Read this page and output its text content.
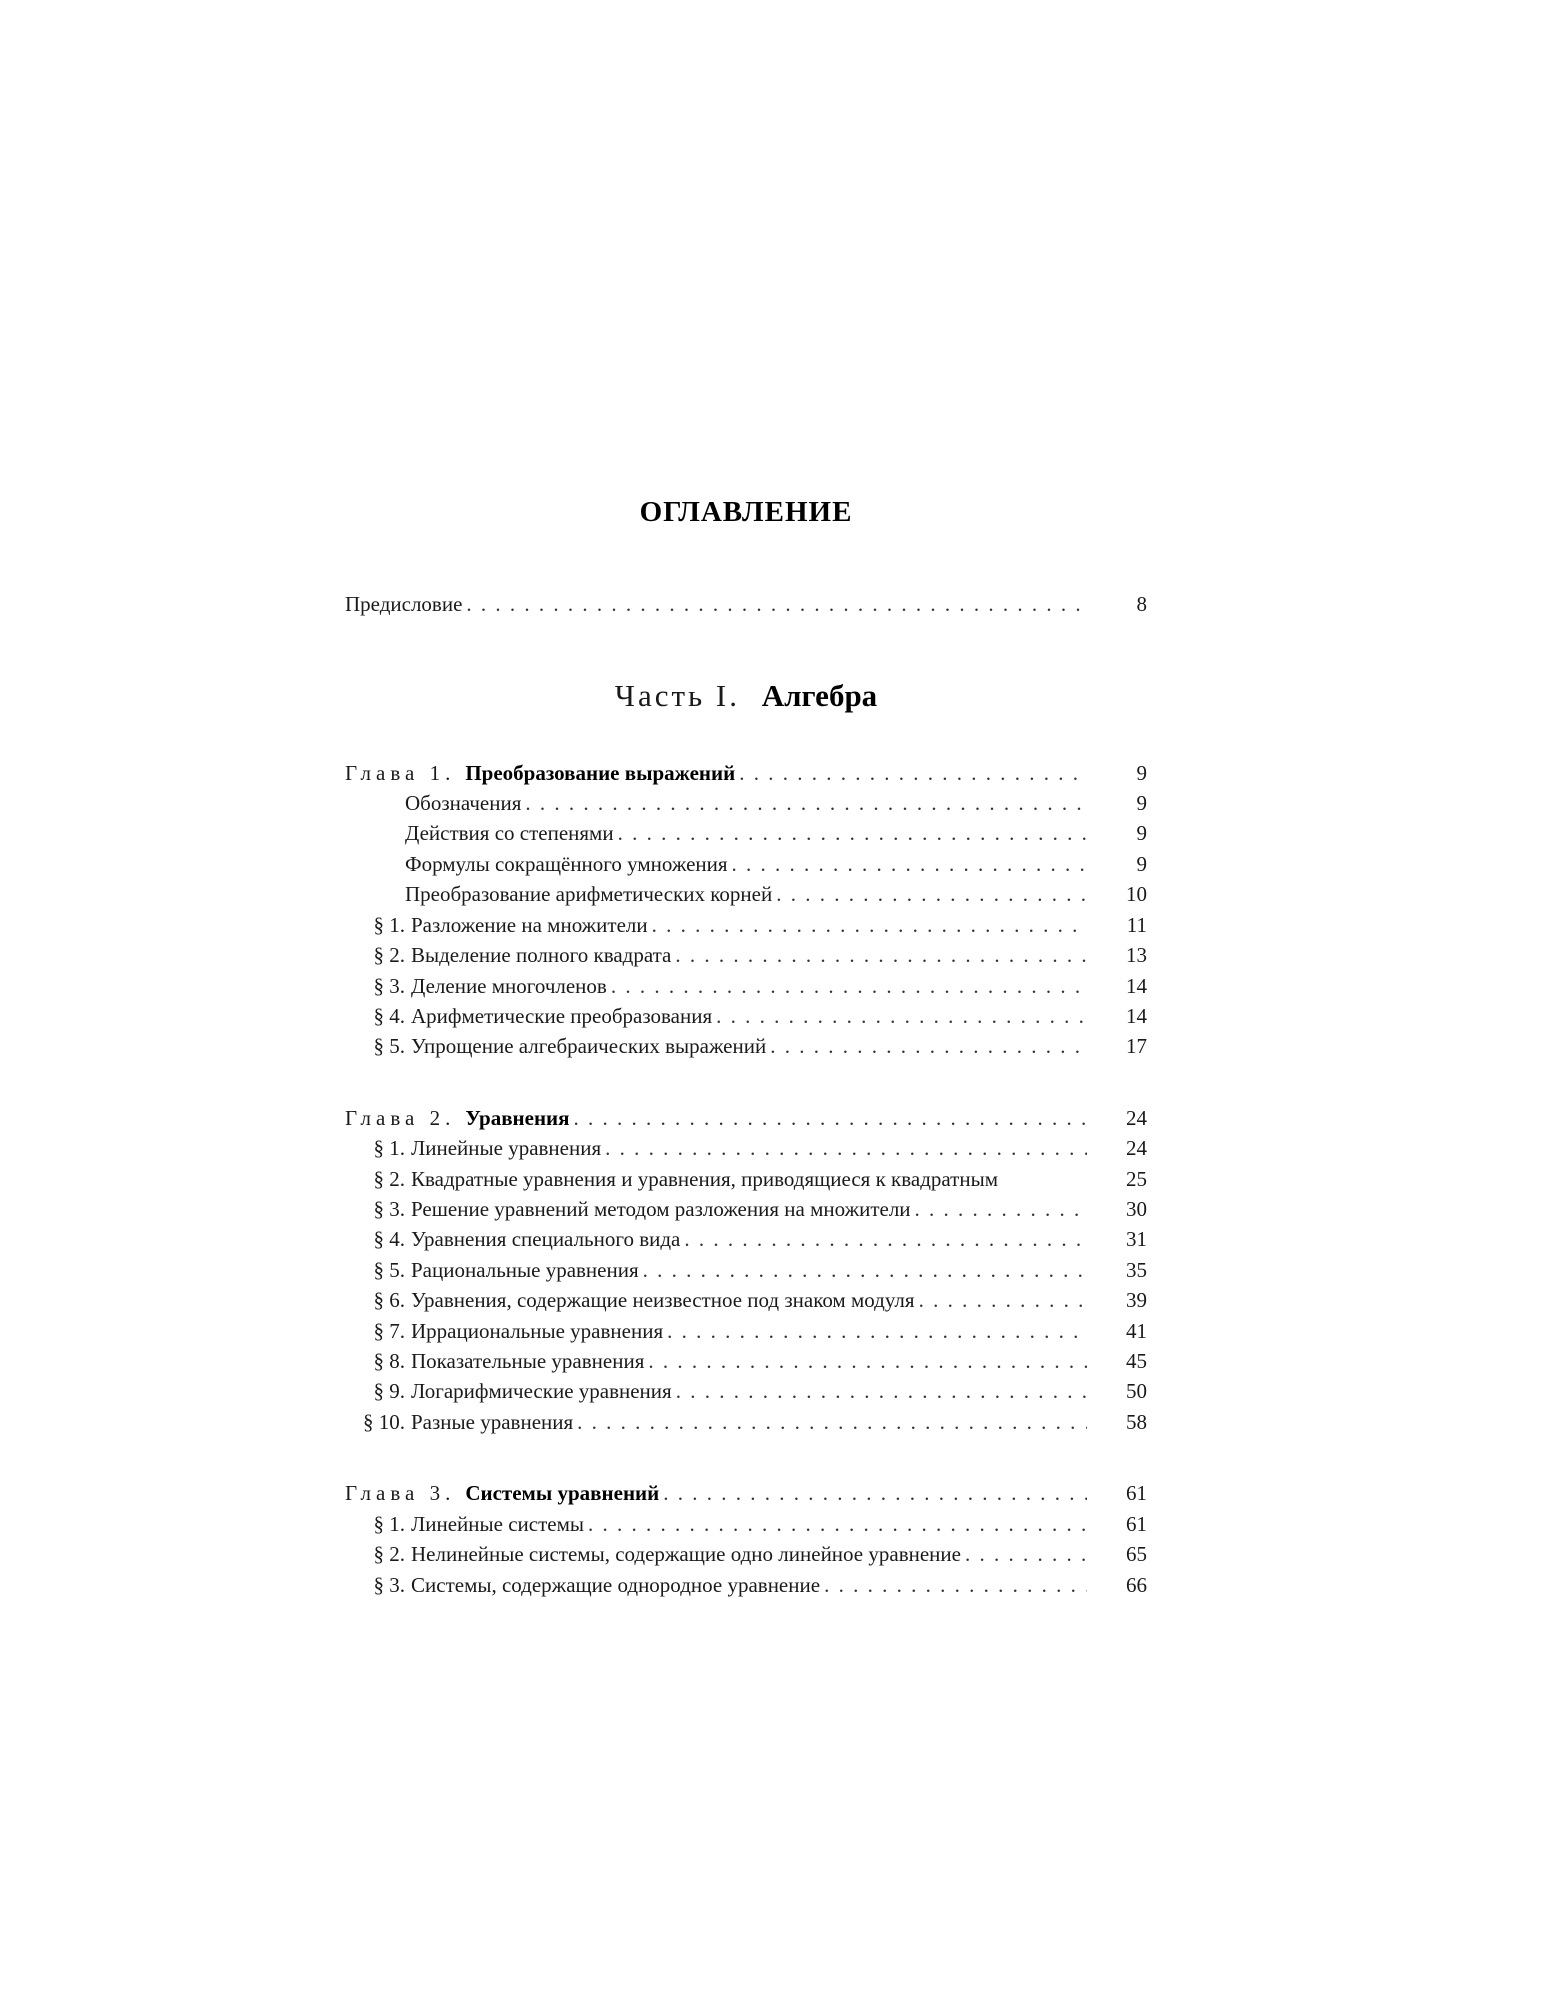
ОГЛАВЛЕНИЕ
Предисловие . . .	8
Часть I. Алгебра
Глава 1. Преобразование выражений . . .	9
Обозначения . . .	9
Действия со степенями . . .	9
Формулы сокращённого умножения . . .	9
Преобразование арифметических корней . . .	10
§ 1. Разложение на множители . . .	11
§ 2. Выделение полного квадрата . . .	13
§ 3. Деление многочленов . . .	14
§ 4. Арифметические преобразования . . .	14
§ 5. Упрощение алгебраических выражений . . .	17
Глава 2. Уравнения . . .	24
§ 1. Линейные уравнения . . .	24
§ 2. Квадратные уравнения и уравнения, приводящиеся к квадратным	25
§ 3. Решение уравнений методом разложения на множители . . .	30
§ 4. Уравнения специального вида . . .	31
§ 5. Рациональные уравнения . . .	35
§ 6. Уравнения, содержащие неизвестное под знаком модуля . . .	39
§ 7. Иррациональные уравнения . . .	41
§ 8. Показательные уравнения . . .	45
§ 9. Логарифмические уравнения . . .	50
§ 10. Разные уравнения . . .	58
Глава 3. Системы уравнений . . .	61
§ 1. Линейные системы . . .	61
§ 2. Нелинейные системы, содержащие одно линейное уравнение . . .	65
§ 3. Системы, содержащие однородное уравнение . . .	66
